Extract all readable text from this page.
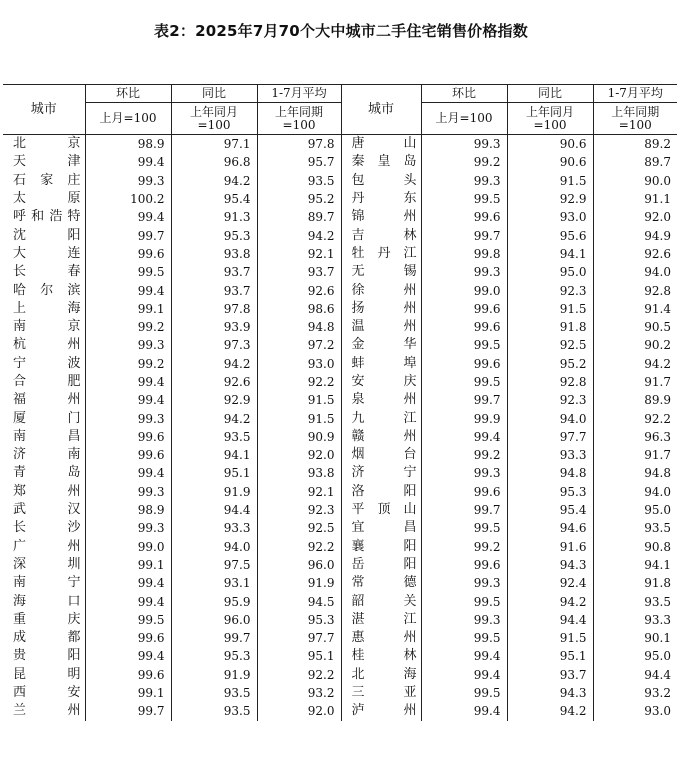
表2：2025年7月70个大中城市二手住宅销售价格指数
城市	环比	同比	1-7月平均	城市	环比	同比	1-7月平均
	上月=100	上年同月=100	上年同期=100		上月=100	上年同月=100	上年同期=100
北京	98.9	97.1	97.8	唐山	99.3	90.6	89.2
天津	99.4	96.8	95.7	秦皇岛	99.2	90.6	89.7
石家庄	99.3	94.2	93.5	包头	99.3	91.5	90.0
太原	100.2	95.4	95.2	丹东	99.5	92.9	91.1
呼和浩特	99.4	91.3	89.7	锦州	99.6	93.0	92.0
沈阳	99.7	95.3	94.2	吉林	99.7	95.6	94.9
大连	99.6	93.8	92.1	牡丹江	99.8	94.1	92.6
长春	99.5	93.7	93.7	无锡	99.3	95.0	94.0
哈尔滨	99.4	93.7	92.6	徐州	99.0	92.3	92.8
上海	99.1	97.8	98.6	扬州	99.6	91.5	91.4
南京	99.2	93.9	94.8	温州	99.6	91.8	90.5
杭州	99.3	97.3	97.2	金华	99.5	92.5	90.2
宁波	99.2	94.2	93.0	蚌埠	99.6	95.2	94.2
合肥	99.4	92.6	92.2	安庆	99.5	92.8	91.7
福州	99.4	92.9	91.5	泉州	99.7	92.3	89.9
厦门	99.3	94.2	91.5	九江	99.9	94.0	92.2
南昌	99.6	93.5	90.9	赣州	99.4	97.7	96.3
济南	99.6	94.1	92.0	烟台	99.2	93.3	91.7
青岛	99.4	95.1	93.8	济宁	99.3	94.8	94.8
郑州	99.3	91.9	92.1	洛阳	99.6	95.3	94.0
武汉	98.9	94.4	92.3	平顶山	99.7	95.4	95.0
长沙	99.3	93.3	92.5	宜昌	99.5	94.6	93.5
广州	99.0	94.0	92.2	襄阳	99.2	91.6	90.8
深圳	99.1	97.5	96.0	岳阳	99.6	94.3	94.1
南宁	99.4	93.1	91.9	常德	99.3	92.4	91.8
海口	99.4	95.9	94.5	韶关	99.5	94.2	93.5
重庆	99.5	96.0	95.3	湛江	99.3	94.4	93.3
成都	99.6	99.7	97.7	惠州	99.5	91.5	90.1
贵阳	99.4	95.3	95.1	桂林	99.4	95.1	95.0
昆明	99.6	91.9	92.2	北海	99.4	93.7	94.4
西安	99.1	93.5	93.2	三亚	99.5	94.3	93.2
兰州	99.7	93.5	92.0	泸州	99.4	94.2	93.0
